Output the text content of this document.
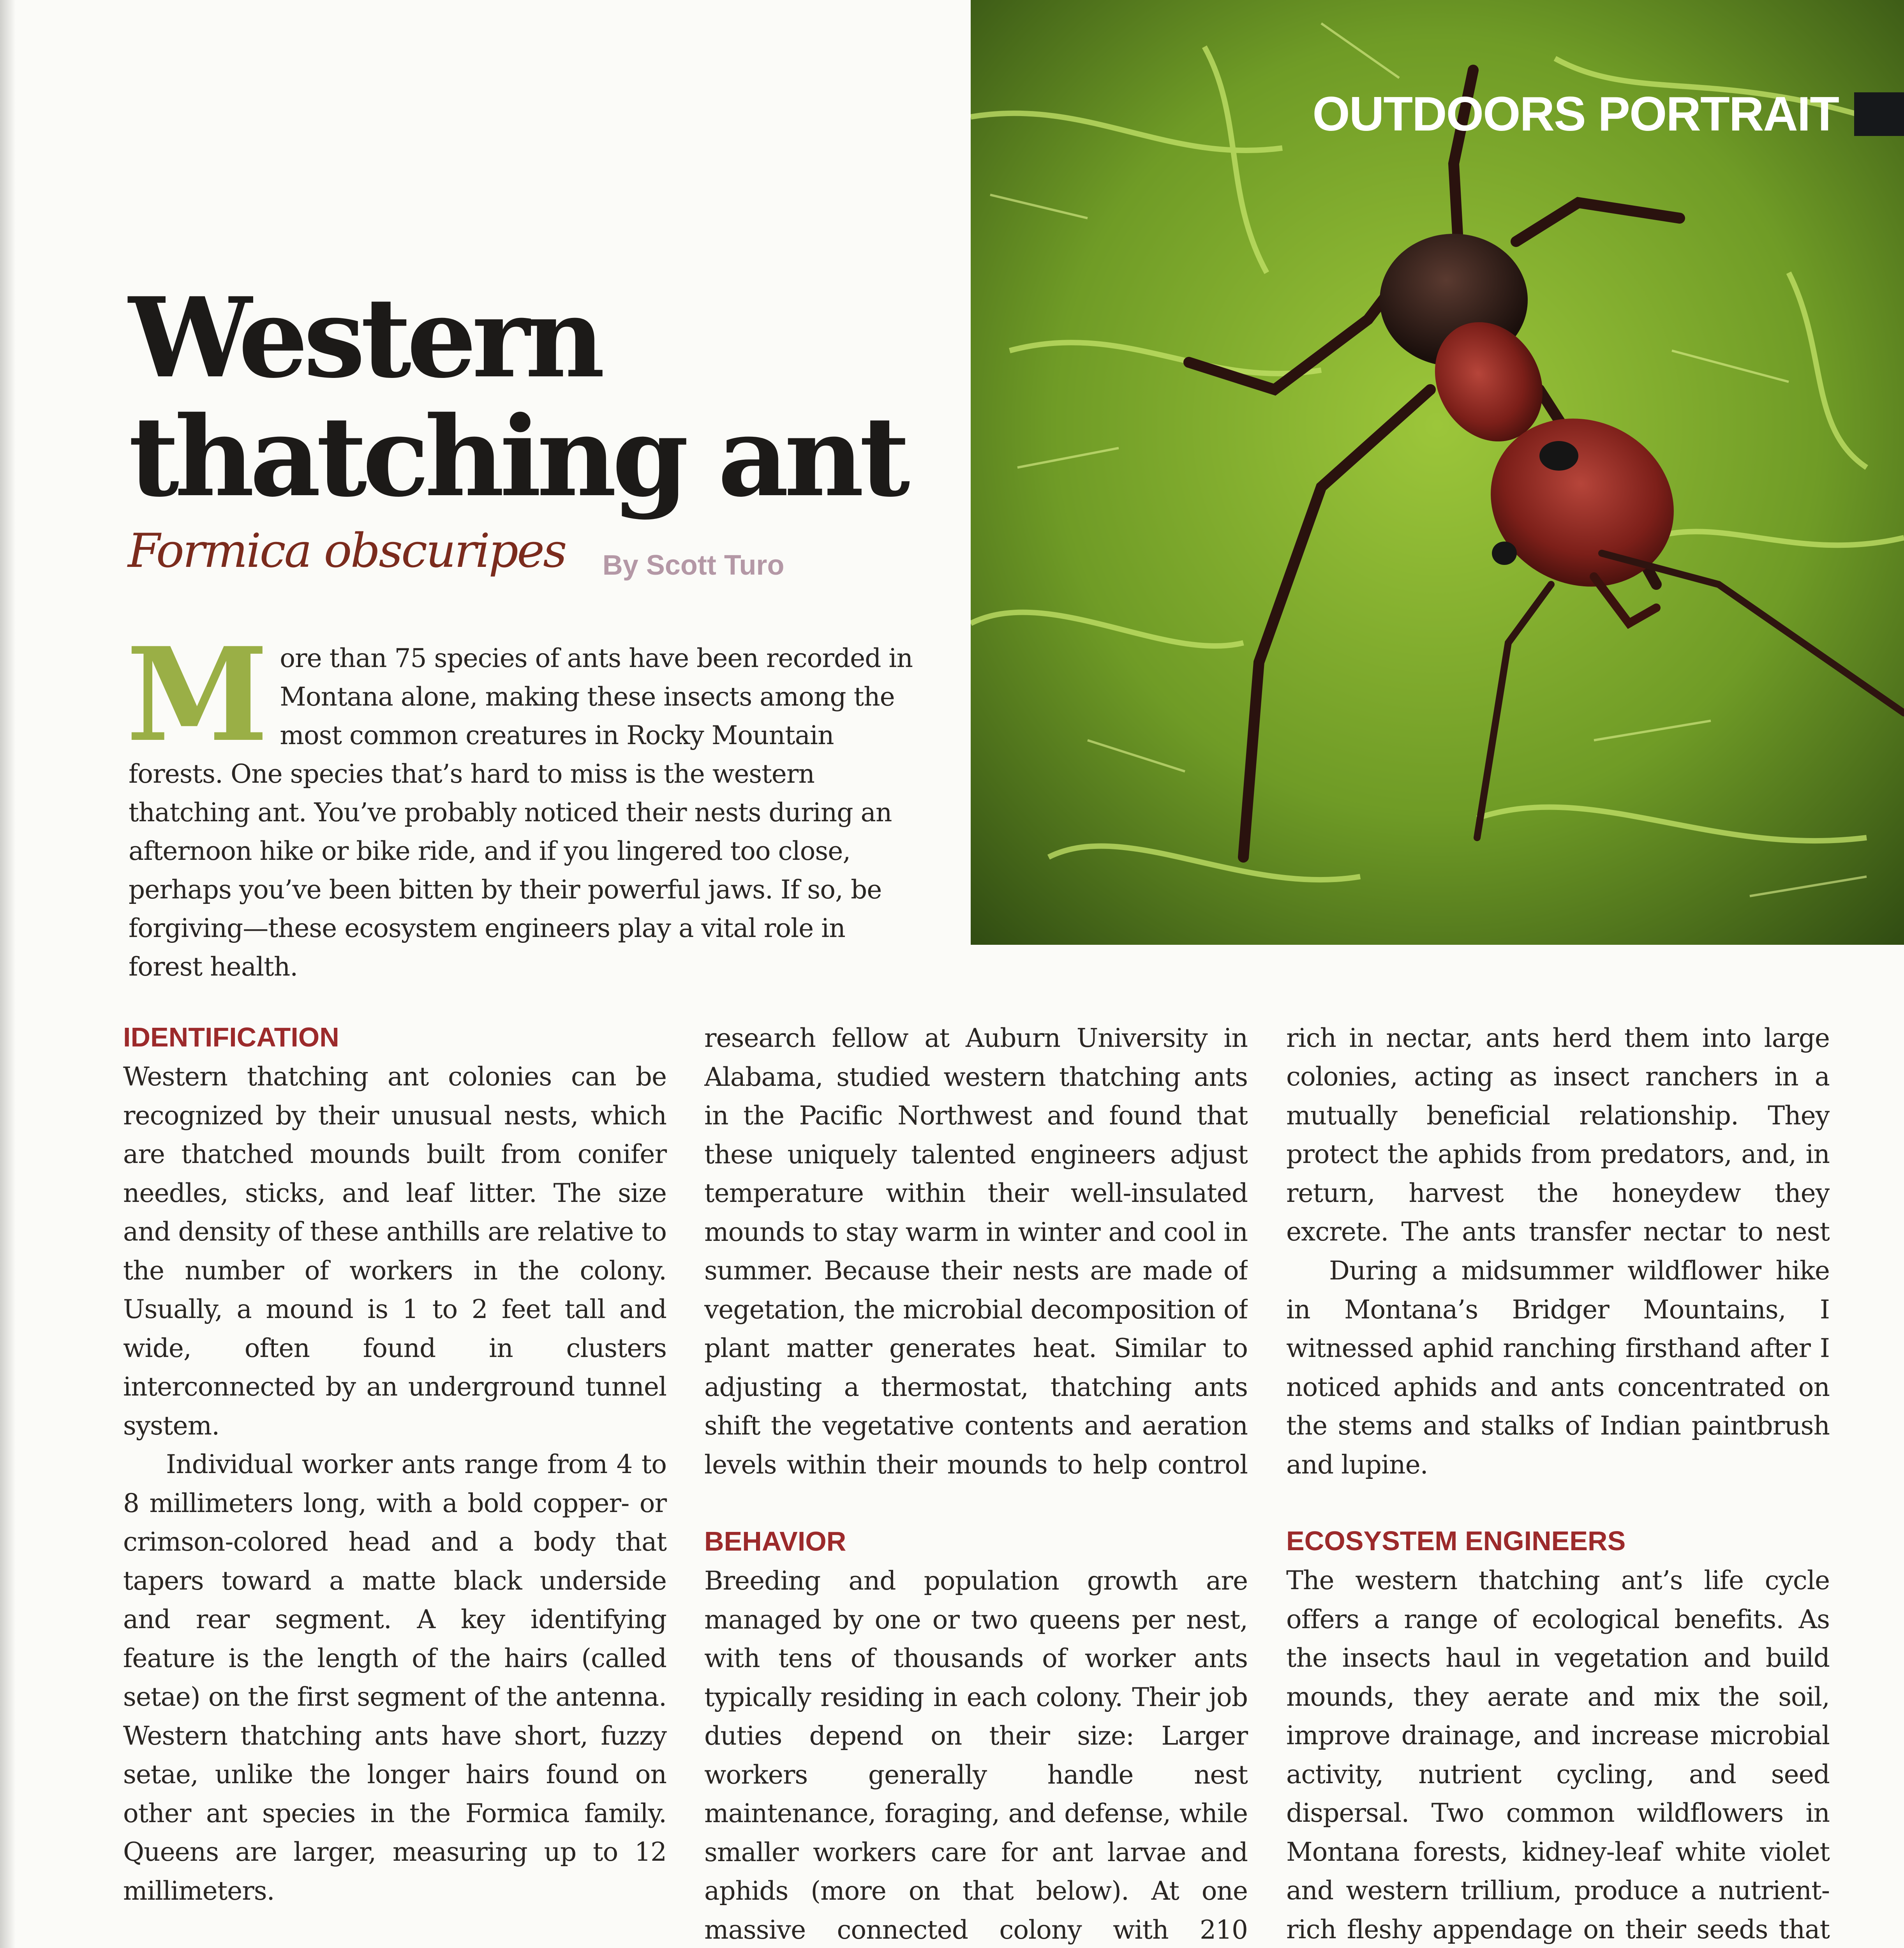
OUTDOORS PORTRAIT
Western thatching ant
Formica obscuripes By Scott Turo

More than 75 species of ants have been recorded in Montana alone, making these insects among the most common creatures in Rocky Mountain forests. One species that’s hard to miss is the western thatching ant. You’ve probably noticed their nests during an afternoon hike or bike ride, and if you lingered too close, perhaps you’ve been bitten by their powerful jaws. If so, be forgiving—these ecosystem engineers play a vital role in forest health.

IDENTIFICATION

Western thatching ant colonies can be recognized by their unusual nests, which are thatched mounds built from conifer needles, sticks, and leaf litter. The size and density of these anthills are relative to the number of workers in the colony. Usually, a mound is 1 to 2 feet tall and wide, often found in clusters interconnected by an underground tunnel system.

Individual worker ants range from 4 to 8 millimeters long, with a bold copper- or crimson-colored head and a body that tapers toward a matte black underside and rear segment. A key identifying feature is the length of the hairs (called setae) on the first segment of the antenna. Western thatching ants have short, fuzzy setae, unlike the longer hairs found on other ant species in the Formica family. Queens are larger, measuring up to 12 millimeters.

research fellow at Auburn University in Alabama, studied western thatching ants in the Pacific Northwest and found that these uniquely talented engineers adjust temperature within their well-insulated mounds to stay warm in winter and cool in summer. Because their nests are made of vegetation, the microbial decomposition of plant matter generates heat. Similar to adjusting a thermostat, thatching ants shift the vegetative contents and aeration levels within their mounds to help control

BEHAVIOR

Breeding and population growth are managed by one or two queens per nest, with tens of thousands of worker ants typically residing in each colony. Their job duties depend on their size: Larger workers generally handle nest maintenance, foraging, and defense, while smaller workers care for ant larvae and aphids (more on that below). At one massive connected colony with 210

rich in nectar, ants herd them into large colonies, acting as insect ranchers in a mutually beneficial relationship. They protect the aphids from predators, and, in return, harvest the honeydew they excrete. The ants transfer nectar to nest

During a midsummer wildflower hike in Montana’s Bridger Mountains, I witnessed aphid ranching firsthand after I noticed aphids and ants concentrated on the stems and stalks of Indian paintbrush and lupine.

ECOSYSTEM ENGINEERS

The western thatching ant’s life cycle offers a range of ecological benefits. As the insects haul in vegetation and build mounds, they aerate and mix the soil, improve drainage, and increase microbial activity, nutrient cycling, and seed dispersal. Two common wildflowers in Montana forests, kidney-leaf white violet and western trillium, produce a nutrient-rich fleshy appendage on their seeds that
